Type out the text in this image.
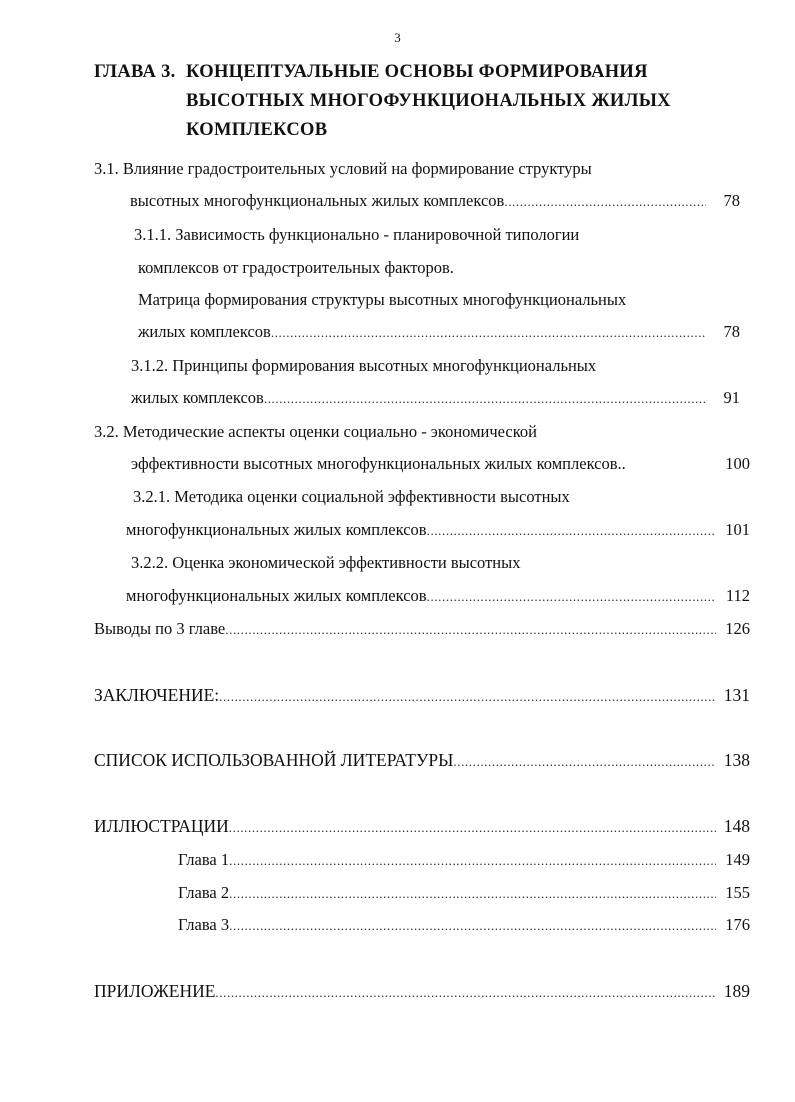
3
ГЛАВА 3. КОНЦЕПТУАЛЬНЫЕ ОСНОВЫ ФОРМИРОВАНИЯ
ВЫСОТНЫХ МНОГОФУНКЦИОНАЛЬНЫХ ЖИЛЫХ
КОМПЛЕКСОВ
3.1. Влияние градостроительных условий на формирование структуры
высотных многофункциональных жилых комплексов .....	78
3.1.1. Зависимость функционально - планировочной типологии
комплексов от градостроительных факторов.
Матрица формирования структуры высотных многофункциональных
жилых комплексов .....	78
3.1.2. Принципы формирования высотных многофункциональных
жилых комплексов .....	91
3.2. Методические аспекты оценки социально - экономической
эффективности высотных многофункциональных жилых комплексов..	100
3.2.1. Методика оценки социальной эффективности высотных
многофункциональных жилых комплексов .....	101
3.2.2. Оценка экономической эффективности высотных
многофункциональных жилых комплексов .....	112
Выводы по 3 главе .....	126
ЗАКЛЮЧЕНИЕ: .....	131
СПИСОК ИСПОЛЬЗОВАННОЙ ЛИТЕРАТУРЫ .....	138
ИЛЛЮСТРАЦИИ .....	148
Глава 1 .....	149
Глава 2 .....	155
Глава 3 .....	176
ПРИЛОЖЕНИЕ .....	189
